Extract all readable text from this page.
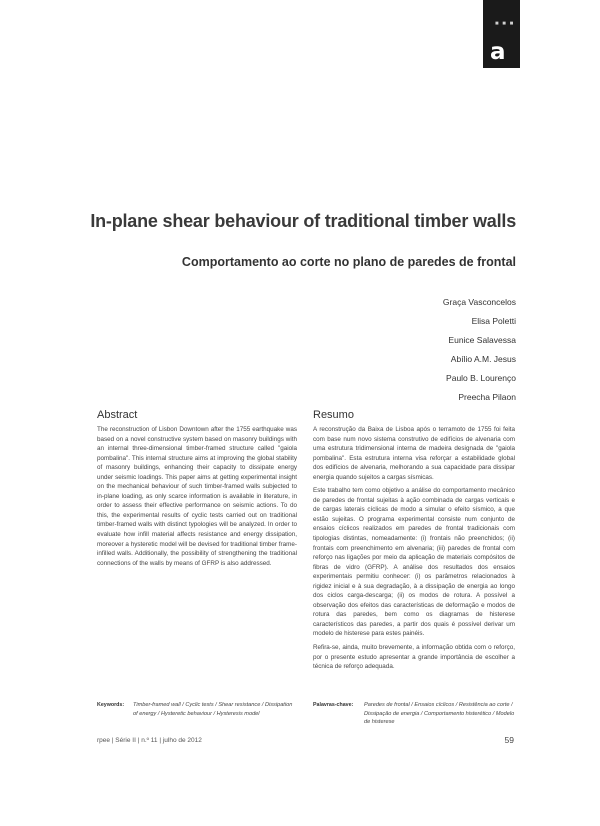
■ ■ ■
a
In-plane shear behaviour of traditional timber walls
Comportamento ao corte no plano de paredes de frontal
Graça Vasconcelos
Elisa Poletti
Eunice Salavessa
Abílio A.M. Jesus
Paulo B. Lourenço
Preecha Pilaon
Abstract

The reconstruction of Lisbon Downtown after the 1755 earthquake was based on a novel constructive system based on masonry buildings with an internal three-dimensional timber-framed structure called "gaiola pombalina". This internal structure aims at improving the global stability of masonry buildings, enhancing their capacity to dissipate energy under seismic loadings. This paper aims at getting experimental insight on the mechanical behaviour of such timber-framed walls subjected to in-plane loading, as only scarce information is available in literature, in order to assess their effective performance on seismic actions. To do this, the experimental results of cyclic tests carried out on traditional timber-framed walls with distinct typologies will be analyzed. In order to evaluate how infill material affects resistance and energy dissipation, moreover a hysteretic model will be devised for traditional timber frame-infilled walls. Additionally, the possibility of strengthening the traditional connections of the walls by means of GFRP is also addressed.

Resumo

A reconstrução da Baixa de Lisboa após o terramoto de 1755 foi feita com base num novo sistema construtivo de edifícios de alvenaria com uma estrutura tridimensional interna de madeira designada de "gaiola pombalina". Esta estrutura interna visa reforçar a estabilidade global dos edifícios de alvenaria, melhorando a sua capacidade para dissipar energia quando sujeitos a cargas sísmicas.

Este trabalho tem como objetivo a análise do comportamento mecânico de paredes de frontal sujeitas à ação combinada de cargas verticais e de cargas laterais cíclicas de modo a simular o efeito sísmico, a que estão sujeitas. O programa experimental consiste num conjunto de ensaios cíclicos realizados em paredes de frontal tradicionais com tipologias distintas, nomeadamente: (i) frontais não preenchidos; (ii) frontais com preenchimento em alvenaria; (iii) paredes de frontal com reforço nas ligações por meio da aplicação de materiais compósitos de fibras de vidro (GFRP). A análise dos resultados dos ensaios experimentais permitiu conhecer: (i) os parâmetros relacionados à rigidez inicial e à sua degradação, à a dissipação de energia ao longo dos ciclos carga-descarga; (ii) os modos de rotura. A possível a observação dos efeitos das características de deformação e modos de rotura das paredes, bem como os diagramas de histerese característicos das paredes, a partir dos quais é possível derivar um modelo de histerese para estes painéis.

Refira-se, ainda, muito brevemente, a informação obtida com o reforço, por o presente estudo apresentar a grande importância de escolher a técnica de reforço adequada.

Keywords: Timber-framed wall / Cyclic tests / Shear resistance / Dissipation of energy / Hysteretic behaviour / Hysteresis model
Palavras-chave: Paredes de frontal / Ensaios cíclicos / Resistência ao corte / Dissipação de energia / Comportamento histerético / Modelo de histerese
rpee | Série II | n.º 11 | julho de 2012	59
